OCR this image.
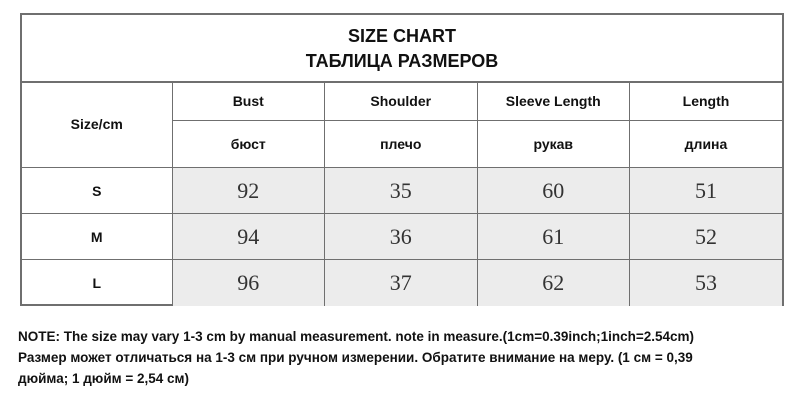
SIZE CHART
ТАБЛИЦА РАЗМЕРОВ
Size/cm	Bust	Shoulder	Sleeve Length	Length
	бюст	плечо	рукав	длина
S	92	35	60	51
M	94	36	61	52
L	96	37	62	53

NOTE: The size may vary 1-3 cm by manual measurement. note in measure.(1cm=0.39inch;1inch=2.54cm)

Размер может отличаться на 1-3 см при ручном измерении. Обратите внимание на меру. (1 см = 0,39

дюйма; 1 дюйм = 2,54 см)
